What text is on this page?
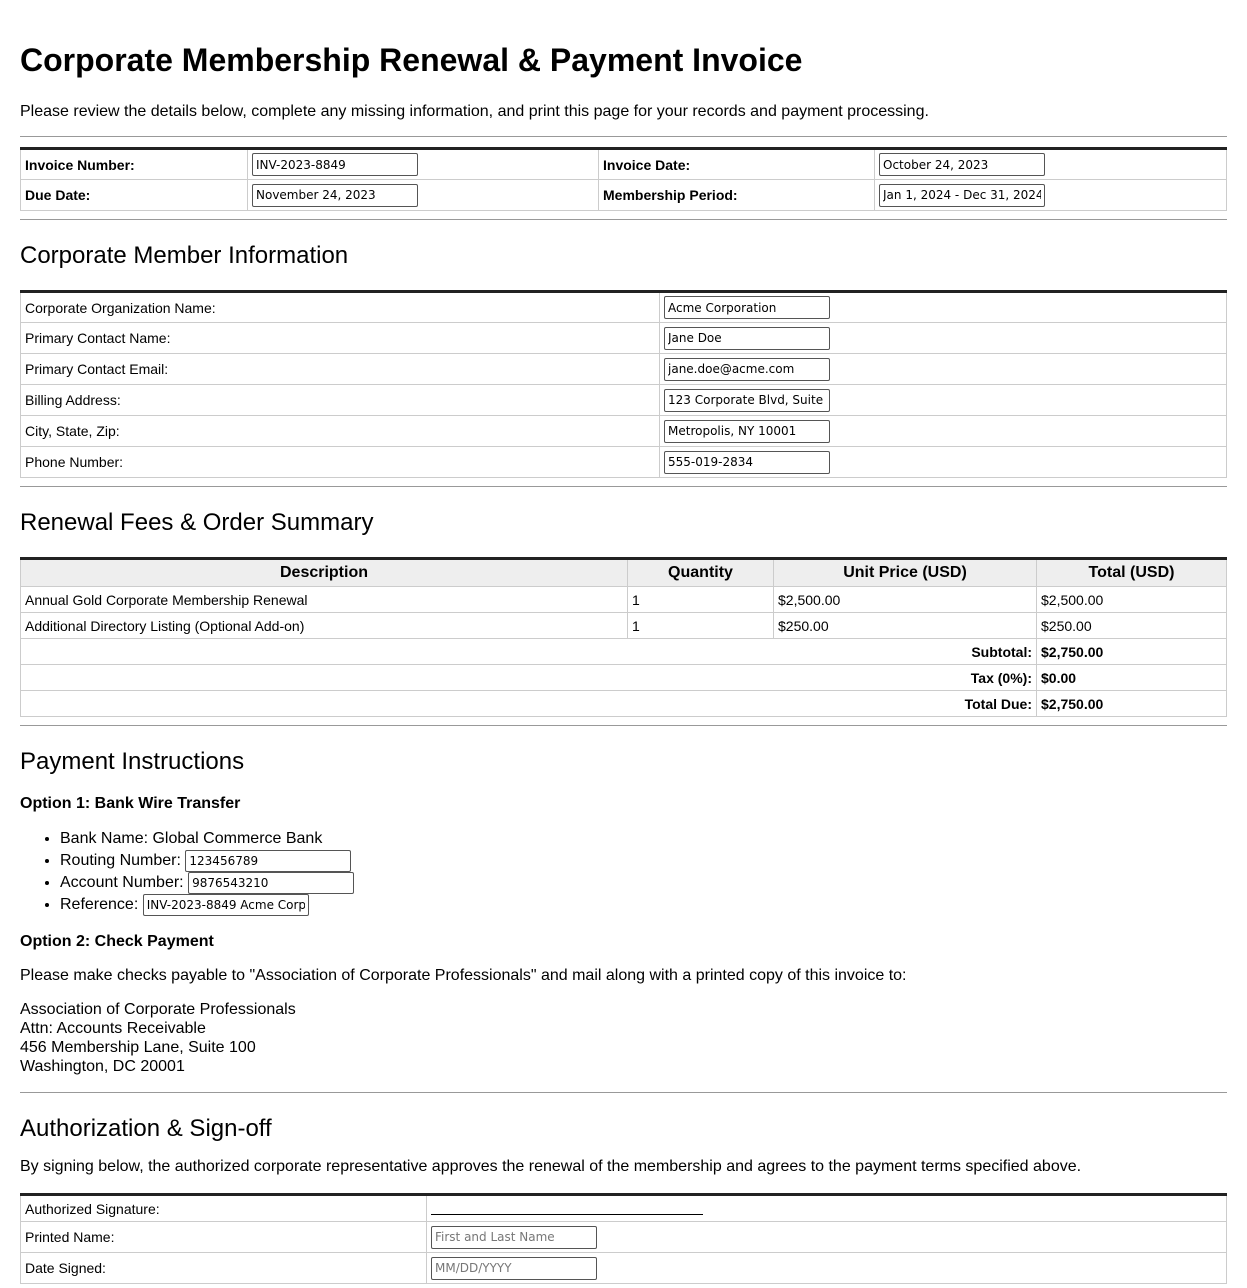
Corporate Membership Renewal & Payment Invoice

Please review the details below, complete any missing information, and print this page for your records and payment processing.

Invoice Number:	INV-2023-8849	Invoice Date:	October 24, 2023
Due Date:	November 24, 2023	Membership Period:	Jan 1, 2024 - Dec 31, 2024
Corporate Member Information
Corporate Organization Name:	Acme Corporation
Primary Contact Name:	Jane Doe
Primary Contact Email:	jane.doe@acme.com
Billing Address:	123 Corporate Blvd, Suite 400
City, State, Zip:	Metropolis, NY 10001
Phone Number:	555-019-2834
Renewal Fees & Order Summary
Description	Quantity	Unit Price (USD)	Total (USD)
Annual Gold Corporate Membership Renewal	1	$2,500.00	$2,500.00
Additional Directory Listing (Optional Add-on)	1	$250.00	$250.00
Subtotal:			$2,750.00
Tax (0%):			$0.00
Total Due:			$2,750.00
Payment Instructions
Option 1: Bank Wire Transfer
• Bank Name: Global Commerce Bank
• Routing Number: 123456789
• Account Number: 9876543210
• Reference: INV-2023-8849 Acme Corp
Option 2: Check Payment

Please make checks payable to "Association of Corporate Professionals" and mail along with a printed copy of this invoice to:

Association of Corporate Professionals
Attn: Accounts Receivable
456 Membership Lane, Suite 100
Washington, DC 20001
Authorization & Sign-off

By signing below, the authorized corporate representative approves the renewal of the membership and agrees to the payment terms specified above.

Authorized Signature:	
Printed Name:	First and Last Name
Date Signed:	MM/DD/YYYY
